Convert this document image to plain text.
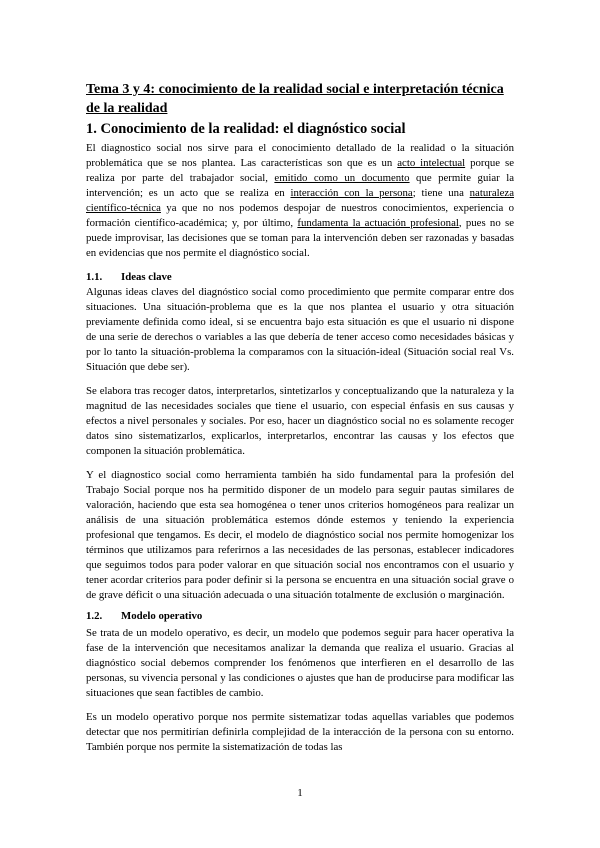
Tema 3 y 4: conocimiento de la realidad social e interpretación técnica de la realidad
1. Conocimiento de la realidad: el diagnóstico social

El diagnostico social nos sirve para el conocimiento detallado de la realidad o la situación problemática que se nos plantea. Las características son que es un acto intelectual porque se realiza por parte del trabajador social, emitido como un documento que permite guiar la intervención; es un acto que se realiza en interacción con la persona; tiene una naturaleza científico-técnica ya que no nos podemos despojar de nuestros conocimientos, experiencia o formación científico-académica; y, por último, fundamenta la actuación profesional, pues no se puede improvisar, las decisiones que se toman para la intervención deben ser razonadas y basadas en evidencias que nos permite el diagnóstico social.

1.1. Ideas clave

Algunas ideas claves del diagnóstico social como procedimiento que permite comparar entre dos situaciones. Una situación-problema que es la que nos plantea el usuario y otra situación previamente definida como ideal, si se encuentra bajo esta situación es que el usuario ni dispone de una serie de derechos o variables a las que debería de tener acceso como necesidades básicas y por lo tanto la situación-problema la comparamos con la situación-ideal (Situación social real Vs. Situación que debe ser).

Se elabora tras recoger datos, interpretarlos, sintetizarlos y conceptualizando que la naturaleza y la magnitud de las necesidades sociales que tiene el usuario, con especial énfasis en sus causas y efectos a nivel personales y sociales. Por eso, hacer un diagnóstico social no es solamente recoger datos sino sistematizarlos, explicarlos, interpretarlos, encontrar las causas y los efectos que componen la situación problemática.

Y el diagnostico social como herramienta también ha sido fundamental para la profesión del Trabajo Social porque nos ha permitido disponer de un modelo para seguir pautas similares de valoración, haciendo que esta sea homogénea o tener unos criterios homogéneos para realizar un análisis de una situación problemática estemos dónde estemos y teniendo la experiencia profesional que tengamos. Es decir, el modelo de diagnóstico social nos permite homogenizar los términos que utilizamos para referirnos a las necesidades de las personas, establecer indicadores que seguimos todos para poder valorar en que situación social nos encontramos con el usuario y tener acordar criterios para poder definir si la persona se encuentra en una situación social grave o de grave déficit o una situación adecuada o una situación totalmente de exclusión o marginación.

1.2. Modelo operativo

Se trata de un modelo operativo, es decir, un modelo que podemos seguir para hacer operativa la fase de la intervención que necesitamos analizar la demanda que realiza el usuario. Gracias al diagnóstico social debemos comprender los fenómenos que interfieren en el desarrollo de las personas, su vivencia personal y las condiciones o ajustes que han de producirse para modificar las situaciones que sean factibles de cambio.

Es un modelo operativo porque nos permite sistematizar todas aquellas variables que podemos detectar que nos permitirían definirla complejidad de la interacción de la persona con su entorno. También porque nos permite la sistematización de todas las

1
